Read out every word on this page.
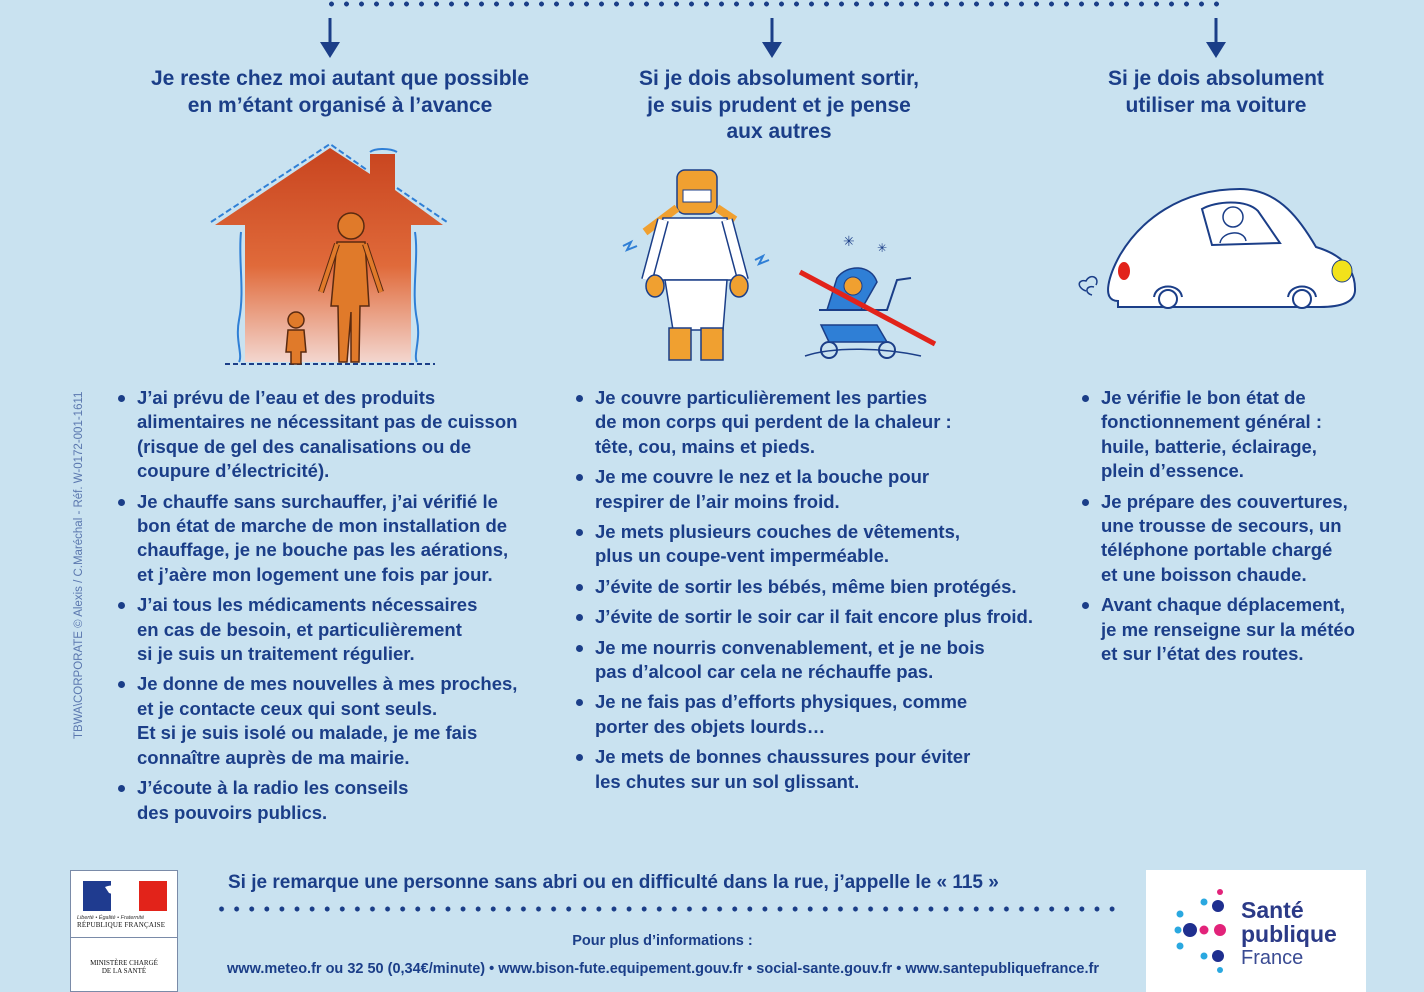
Je reste chez moi autant que possible
en m’étant organisé à l’avance
Si je dois absolument sortir,
je suis prudent et je pense
aux autres
Si je dois absolument
utiliser ma voiture
✳ ✳
J’ai prévu de l’eau et des produits
alimentaires ne nécessitant pas de cuisson
(risque de gel des canalisations ou de
coupure d’électricité).
Je chauffe sans surchauffer, j’ai vérifié le
bon état de marche de mon installation de
chauffage, je ne bouche pas les aérations,
et j’aère mon logement une fois par jour.
J’ai tous les médicaments nécessaires
en cas de besoin, et particulièrement
si je suis un traitement régulier.
Je donne de mes nouvelles à mes proches,
et je contacte ceux qui sont seuls.
Et si je suis isolé ou malade, je me fais
connaître auprès de ma mairie.
J’écoute à la radio les conseils
des pouvoirs publics.
Je couvre particulièrement les parties
de mon corps qui perdent de la chaleur :
tête, cou, mains et pieds.
Je me couvre le nez et la bouche pour
respirer de l’air moins froid.
Je mets plusieurs couches de vêtements,
plus un coupe-vent imperméable.
J’évite de sortir les bébés, même bien protégés.
J’évite de sortir le soir car il fait encore plus froid.
Je me nourris convenablement, et je ne bois
pas d’alcool car cela ne réchauffe pas.
Je ne fais pas d’efforts physiques, comme
porter des objets lourds…
Je mets de bonnes chaussures pour éviter
les chutes sur un sol glissant.
Je vérifie le bon état de
fonctionnement général :
huile, batterie, éclairage,
plein d’essence.
Je prépare des couvertures,
une trousse de secours, un
téléphone portable chargé
et une boisson chaude.
Avant chaque déplacement,
je me renseigne sur la météo
et sur l’état des routes.
TBWA\CORPORATE © Alexis / C.Maréchal - Réf. W-0172-001-1611
Liberté • Égalité • Fraternité
RÉPUBLIQUE FRANÇAISE
MINISTÈRE CHARGÉ
DE LA SANTÉ
Si je remarque une personne sans abri ou en difficulté dans la rue, j’appelle le « 115 »
Pour plus d’informations :
www.meteo.fr ou 32 50 (0,34€/minute) • www.bison-fute.equipement.gouv.fr • social-sante.gouv.fr • www.santepubliquefrance.fr
Santé
publique
France
